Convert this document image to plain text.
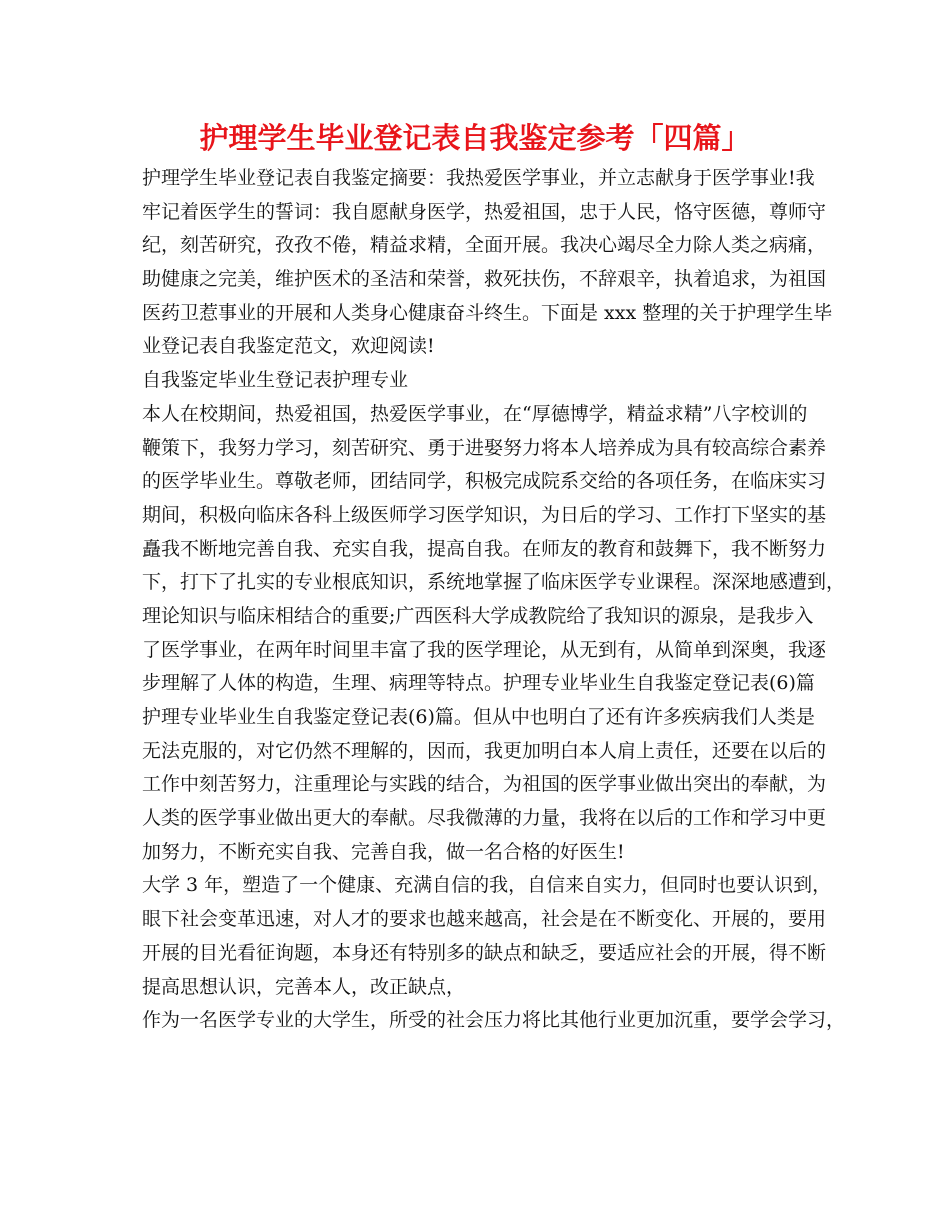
护理学生毕业登记表自我鉴定参考「四篇」
护理学生毕业登记表自我鉴定摘要：我热爱医学事业，并立志献身于医学事业!我
牢记着医学生的誓词：我自愿献身医学，热爱祖国，忠于人民，恪守医德，尊师守
纪，刻苦研究，孜孜不倦，精益求精，全面开展。我决心竭尽全力除人类之病痛，
助健康之完美，维护医术的圣洁和荣誉，救死扶伤，不辞艰辛，执着追求，为祖国
医药卫惹事业的开展和人类身心健康奋斗终生。下面是 xxx 整理的关于护理学生毕
业登记表自我鉴定范文，欢迎阅读!
自我鉴定毕业生登记表护理专业
本人在校期间，热爱祖国，热爱医学事业，在“厚德博学，精益求精”八字校训的
鞭策下，我努力学习，刻苦研究、勇于进娶努力将本人培养成为具有较高综合素养
的医学毕业生。尊敬老师，团结同学，积极完成院系交给的各项任务，在临床实习
期间，积极向临床各科上级医师学习医学知识，为日后的学习、工作打下坚实的基
矗我不断地完善自我、充实自我，提高自我。在师友的教育和鼓舞下，我不断努力
下，打下了扎实的专业根底知识，系统地掌握了临床医学专业课程。深深地感遭到，
理论知识与临床相结合的重要;广西医科大学成教院给了我知识的源泉，是我步入
了医学事业，在两年时间里丰富了我的医学理论，从无到有，从简单到深奥，我逐
步理解了人体的构造，生理、病理等特点。护理专业毕业生自我鉴定登记表(6)篇
护理专业毕业生自我鉴定登记表(6)篇。但从中也明白了还有许多疾病我们人类是
无法克服的，对它仍然不理解的，因而，我更加明白本人肩上责任，还要在以后的
工作中刻苦努力，注重理论与实践的结合，为祖国的医学事业做出突出的奉献，为
人类的医学事业做出更大的奉献。尽我微薄的力量，我将在以后的工作和学习中更
加努力，不断充实自我、完善自我，做一名合格的好医生!
大学 3 年，塑造了一个健康、充满自信的我，自信来自实力，但同时也要认识到，
眼下社会变革迅速，对人才的要求也越来越高，社会是在不断变化、开展的，要用
开展的目光看征询题，本身还有特别多的缺点和缺乏，要适应社会的开展，得不断
提高思想认识，完善本人，改正缺点，
作为一名医学专业的大学生，所受的社会压力将比其他行业更加沉重，要学会学习，
